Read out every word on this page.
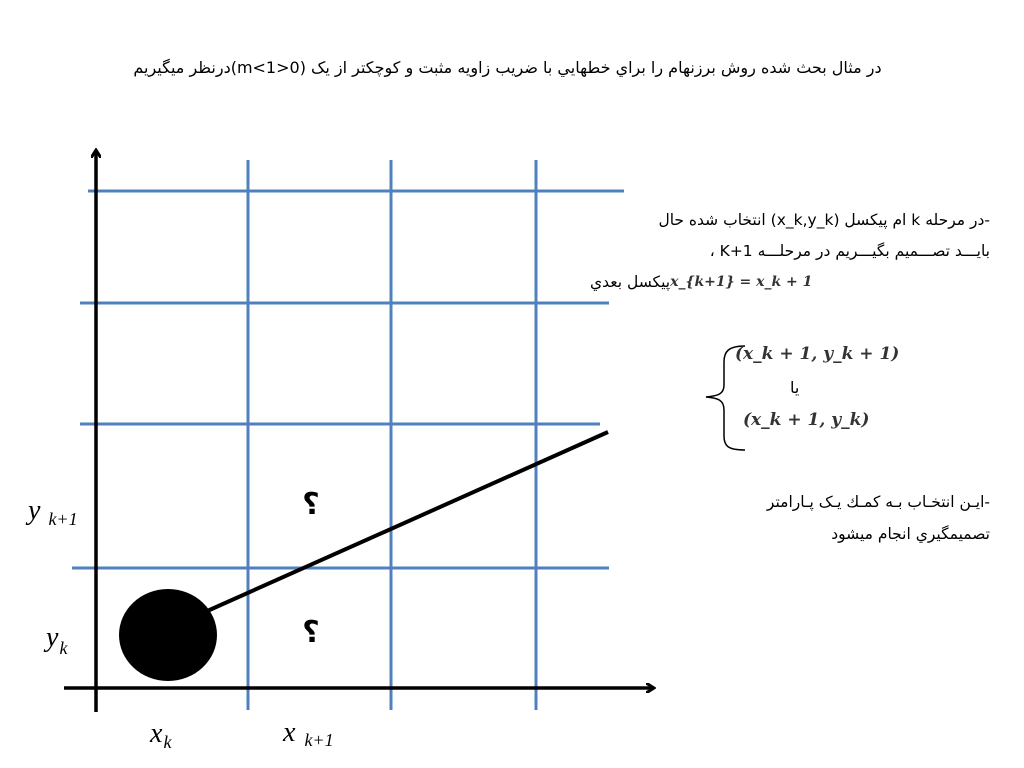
در مثال بحث شده روش برزنهام را براي خطهايي با ضريب زاويه مثبت و كوچكتر از يک (0<m<1)درنظر ميگيريم
؟
؟
xk	xk+1
yk
yk+1
-در مرحله k ام پيكسل (x_k,y_k) انتخاب شده حال
بايـــد تصـــميم بگيـــريم در مرحلـــه K+1 ،
پيكسل بعدي x_{k+1} = x_k + 1
(x_k + 1, y_k + 1)
يا
(x_k + 1, y_k)
-ايـن انتخـاب بـه كمـك يـک پـارامتر
تصميمگيري انجام ميشود
